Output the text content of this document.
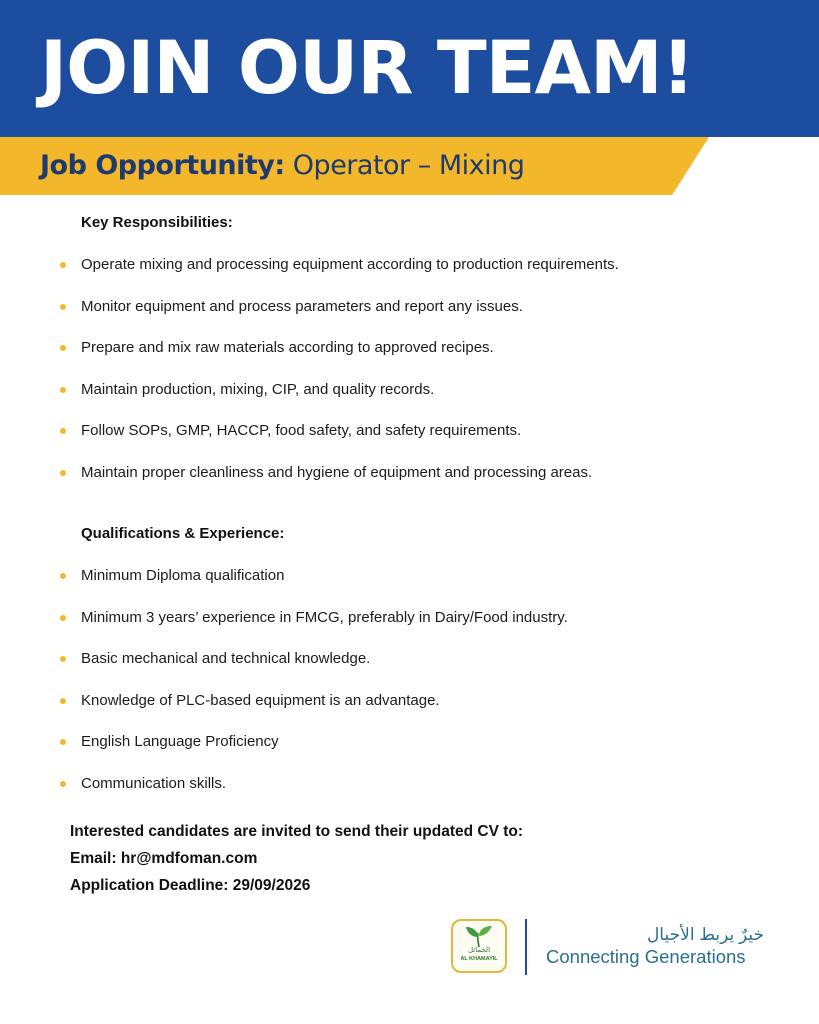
JOIN OUR TEAM!

Job Opportunity: Operator – Mixing

Key Responsibilities:
Operate mixing and processing equipment according to production requirements.
Monitor equipment and process parameters and report any issues.
Prepare and mix raw materials according to approved recipes.
Maintain production, mixing, CIP, and quality records.
Follow SOPs, GMP, HACCP, food safety, and safety requirements.
Maintain proper cleanliness and hygiene of equipment and processing areas.
Qualifications & Experience:
Minimum Diploma qualification
Minimum 3 years’ experience in FMCG, preferably in Dairy/Food industry.
Basic mechanical and technical knowledge.
Knowledge of PLC-based equipment is an advantage.
English Language Proficiency
Communication skills.

Interested candidates are invited to send their updated CV to:

Email: hr@mdfoman.com

Application Deadline: 29/09/2026

الخمائل
AL KHAMAYIL

خيرٌ يربط الأجيال

Connecting Generations
